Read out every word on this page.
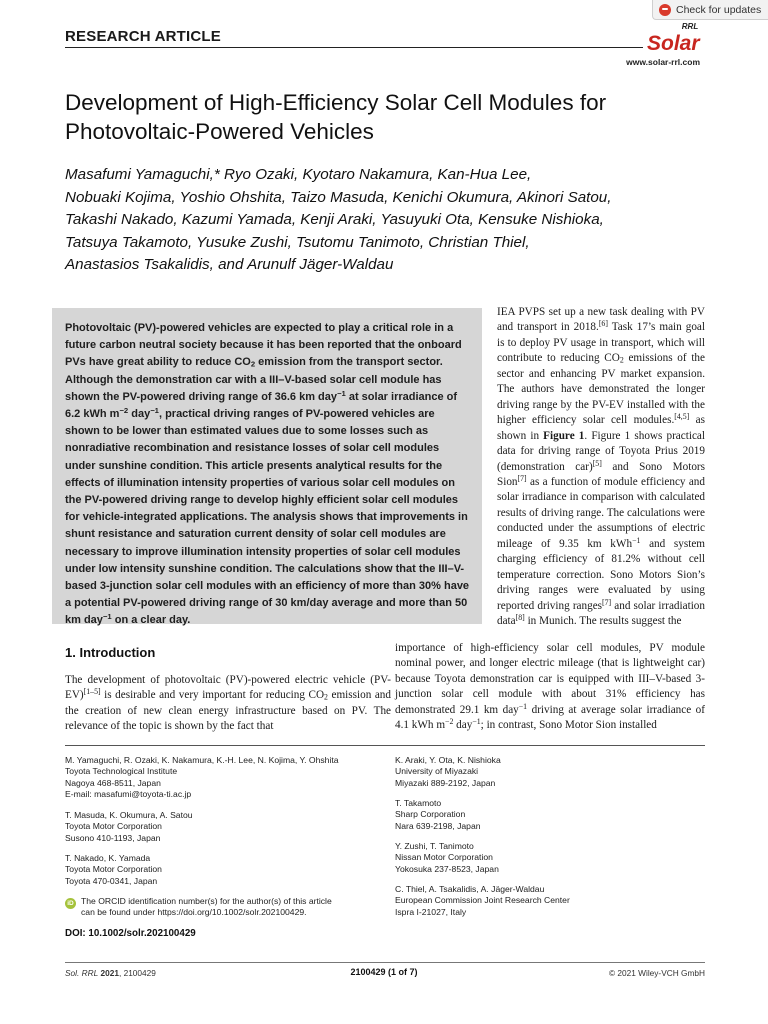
Check for updates
RESEARCH ARTICLE
RRL
Solar
www.solar-rrl.com
Development of High-Efficiency Solar Cell Modules for
Photovoltaic-Powered Vehicles
Masafumi Yamaguchi,* Ryo Ozaki, Kyotaro Nakamura, Kan-Hua Lee,
Nobuaki Kojima, Yoshio Ohshita, Taizo Masuda, Kenichi Okumura, Akinori Satou,
Takashi Nakado, Kazumi Yamada, Kenji Araki, Yasuyuki Ota, Kensuke Nishioka,
Tatsuya Takamoto, Yusuke Zushi, Tsutomu Tanimoto, Christian Thiel,
Anastasios Tsakalidis, and Arunulf Jäger-Waldau
Photovoltaic (PV)-powered vehicles are expected to play a critical role in a future carbon neutral society because it has been reported that the onboard PVs have great ability to reduce $CO_2$ emission from the transport sector. Although the demonstration car with a III–V-based solar cell module has shown the PV-powered driving range of 36.6 km day$^{-1}$ at solar irradiance of 6.2 kWh $m^{-2}$ day$^{-1}$, practical driving ranges of PV-powered vehicles are shown to be lower than estimated values due to some losses such as nonradiative recombination and resistance losses of solar cell modules under sunshine condition. This article presents analytical results for the effects of illumination intensity properties of various solar cell modules on the PV-powered driving range to develop highly efficient solar cell modules for vehicle-integrated applications. The analysis shows that improvements in shunt resistance and saturation current density of solar cell modules are necessary to improve illumination intensity properties of solar cell modules under low intensity sunshine condition. The calculations show that the III–V-based 3-junction solar cell modules with an efficiency of more than 30% have a potential PV-powered driving range of 30 km/day average and more than 50 km day$^{-1}$ on a clear day.
IEA PVPS set up a new task dealing with PV and transport in 2018.[6] Task 17’s main goal is to deploy PV usage in transport, which will contribute to reducing $CO_2$ emissions of the sector and enhancing PV market expansion. The authors have demonstrated the longer driving range by the PV-EV installed with the higher efficiency solar cell modules.[4,5] as shown in Figure 1. Figure 1 shows practical data for driving range of Toyota Prius 2019 (demonstration car)[5] and Sono Motors Sion[7] as a function of module efficiency and solar irradiance in comparison with calculated results of driving range. The calculations were conducted under the assumptions of electric mileage of 9.35 km kWh$^{-1}$ and system charging efficiency of 81.2% without cell temperature correction. Sono Motors Sion’s driving ranges were evaluated by using reported driving ranges[7] and solar irradiation data[8] in Munich. The results suggest the
1. Introduction
The development of photovoltaic (PV)-powered electric vehicle (PV-EV)[1–5] is desirable and very important for reducing $CO_2$ emission and the creation of new clean energy infrastructure based on PV. The relevance of the topic is shown by the fact that
importance of high-efficiency solar cell modules, PV module nominal power, and longer electric mileage (that is lightweight car) because Toyota demonstration car is equipped with III–V-based 3-junction solar cell module with about 31% efficiency has demonstrated 29.1 km day$^{-1}$ driving at average solar irradiance of 4.1 kWh $m^{-2}$ day$^{-1}$; in contrast, Sono Motor Sion installed
M. Yamaguchi, R. Ozaki, K. Nakamura, K.-H. Lee, N. Kojima, Y. Ohshita
Toyota Technological Institute
Nagoya 468-8511, Japan
E-mail: masafumi@toyota-ti.ac.jp
T. Masuda, K. Okumura, A. Satou
Toyota Motor Corporation
Susono 410-1193, Japan
T. Nakado, K. Yamada
Toyota Motor Corporation
Toyota 470-0341, Japan
K. Araki, Y. Ota, K. Nishioka
University of Miyazaki
Miyazaki 889-2192, Japan
T. Takamoto
Sharp Corporation
Nara 639-2198, Japan
Y. Zushi, T. Tanimoto
Nissan Motor Corporation
Yokosuka 237-8523, Japan
C. Thiel, A. Tsakalidis, A. Jäger-Waldau
European Commission Joint Research Center
Ispra I-21027, Italy
iD The ORCID identification number(s) for the author(s) of this article
can be found under https://doi.org/10.1002/solr.202100429.
DOI: 10.1002/solr.202100429
Sol. RRL 2021, 2100429	2100429 (1 of 7)	© 2021 Wiley-VCH GmbH
